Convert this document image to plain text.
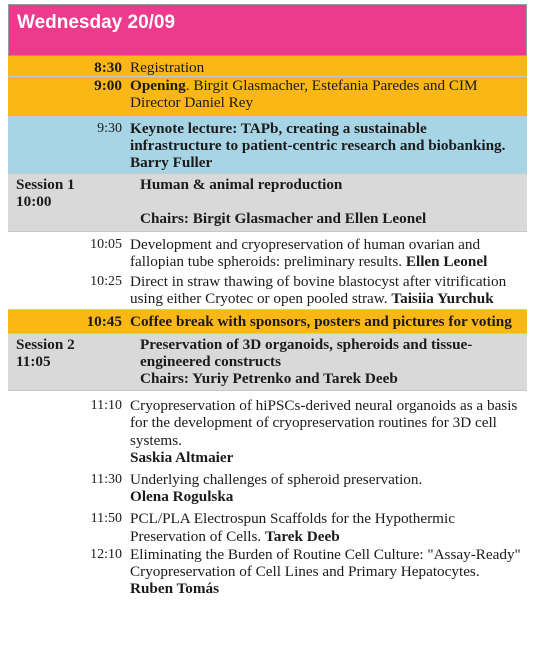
Wednesday 20/09
8:30 Registration
9:00 Opening. Birgit Glasmacher, Estefania Paredes and CIM Director Daniel Rey
9:30 Keynote lecture: TAPb, creating a sustainable infrastructure to patient-centric research and biobanking. Barry Fuller
Session 1
10:00
Human & animal reproduction
Chairs: Birgit Glasmacher and Ellen Leonel
10:05 Development and cryopreservation of human ovarian and fallopian tube spheroids: preliminary results. Ellen Leonel
10:25 Direct in straw thawing of bovine blastocyst after vitrification using either Cryotec or open pooled straw. Taisiia Yurchuk
10:45 Coffee break with sponsors, posters and pictures for voting
Session 2
11:05
Preservation of 3D organoids, spheroids and tissue-engineered constructs
Chairs: Yuriy Petrenko and Tarek Deeb
11:10 Cryopreservation of hiPSCs-derived neural organoids as a basis for the development of cryopreservation routines for 3D cell systems.
Saskia Altmaier
11:30 Underlying challenges of spheroid preservation.
Olena Rogulska
11:50 PCL/PLA Electrospun Scaffolds for the Hypothermic Preservation of Cells. Tarek Deeb
12:10 Eliminating the Burden of Routine Cell Culture: "Assay-Ready" Cryopreservation of Cell Lines and Primary Hepatocytes. Ruben Tomás
